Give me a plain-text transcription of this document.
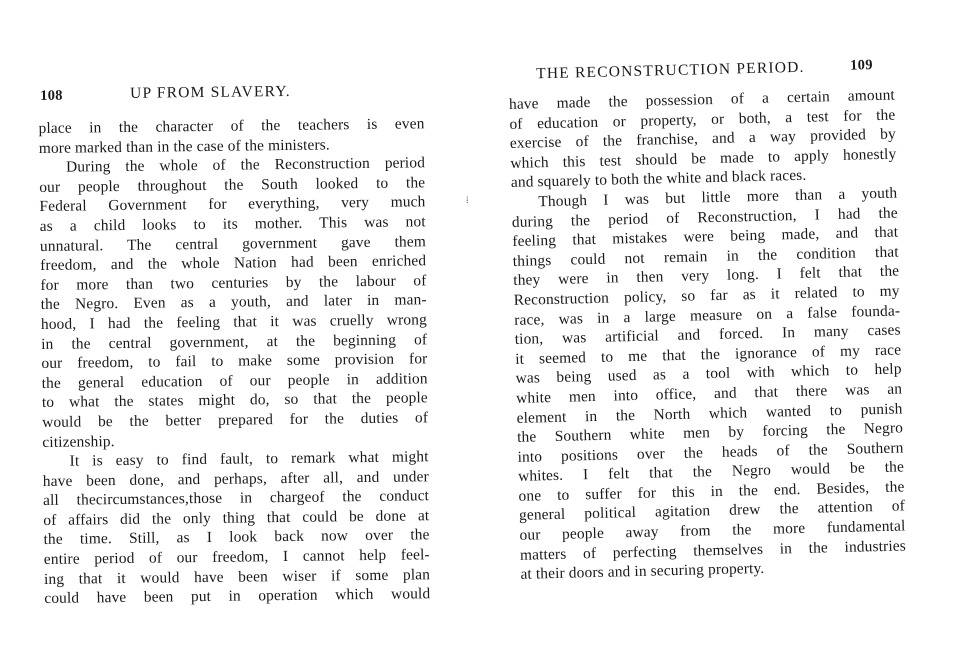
108	UP FROM SLAVERY.
place in the character of the teachers is even
more marked than in the case of the ministers.
During the whole of the Reconstruction period
our people throughout the South looked to the
Federal Government for everything, very much
as a child looks to its mother. This was not
unnatural. The central government gave them
freedom, and the whole Nation had been enriched
for more than two centuries by the labour of
the Negro. Even as a youth, and later in man-
hood, I had the feeling that it was cruelly wrong
in the central government, at the beginning of
our freedom, to fail to make some provision for
the general education of our people in addition
to what the states might do, so that the people
would be the better prepared for the duties of
citizenship.
It is easy to find fault, to remark what might
have been done, and perhaps, after all, and under
all thecircumstances,those in chargeof the conduct
of affairs did the only thing that could be done at
the time. Still, as I look back now over the
entire period of our freedom, I cannot help feel-
ing that it would have been wiser if some plan
could have been put in operation which would
⁞
THE RECONSTRUCTION PERIOD.	109
have made the possession of a certain amount
of education or property, or both, a test for the
exercise of the franchise, and a way provided by
which this test should be made to apply honestly
and squarely to both the white and black races.
Though I was but little more than a youth
during the period of Reconstruction, I had the
feeling that mistakes were being made, and that
things could not remain in the condition that
they were in then very long. I felt that the
Reconstruction policy, so far as it related to my
race, was in a large measure on a false founda-
tion, was artificial and forced. In many cases
it seemed to me that the ignorance of my race
was being used as a tool with which to help
white men into office, and that there was an
element in the North which wanted to punish
the Southern white men by forcing the Negro
into positions over the heads of the Southern
whites. I felt that the Negro would be the
one to suffer for this in the end. Besides, the
general political agitation drew the attention of
our people away from the more fundamental
matters of perfecting themselves in the industries
at their doors and in securing property.
